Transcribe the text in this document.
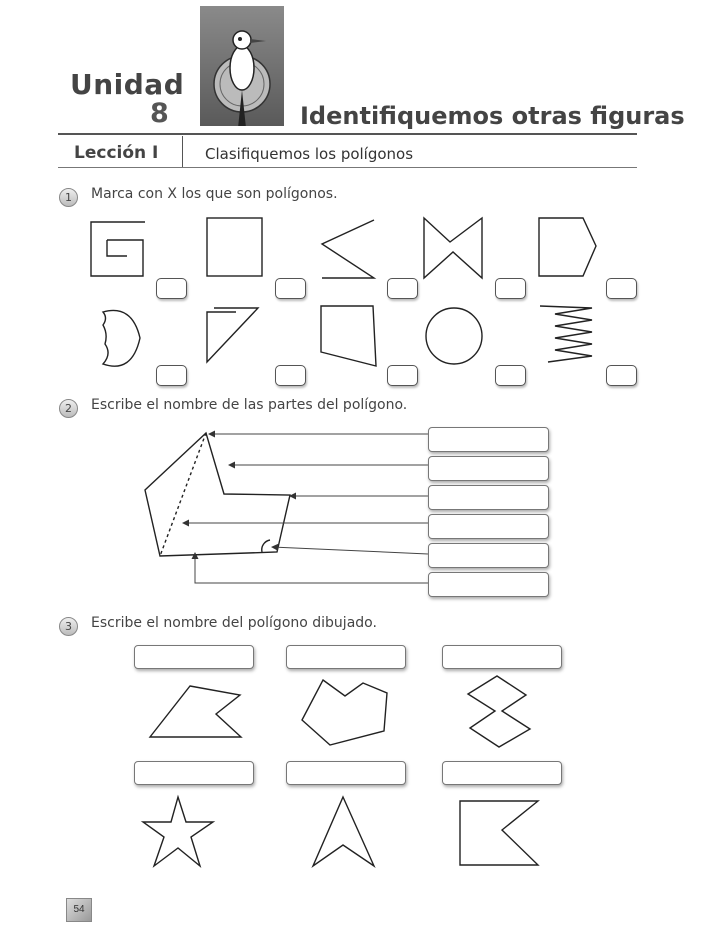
Unidad
8	Identifiquemos otras figuras
Lección I	Clasifiquemos los polígonos
1	Marca con X los que son polígonos.
2	Escribe el nombre de las partes del polígono.
3	Escribe el nombre del polígono dibujado.
54
